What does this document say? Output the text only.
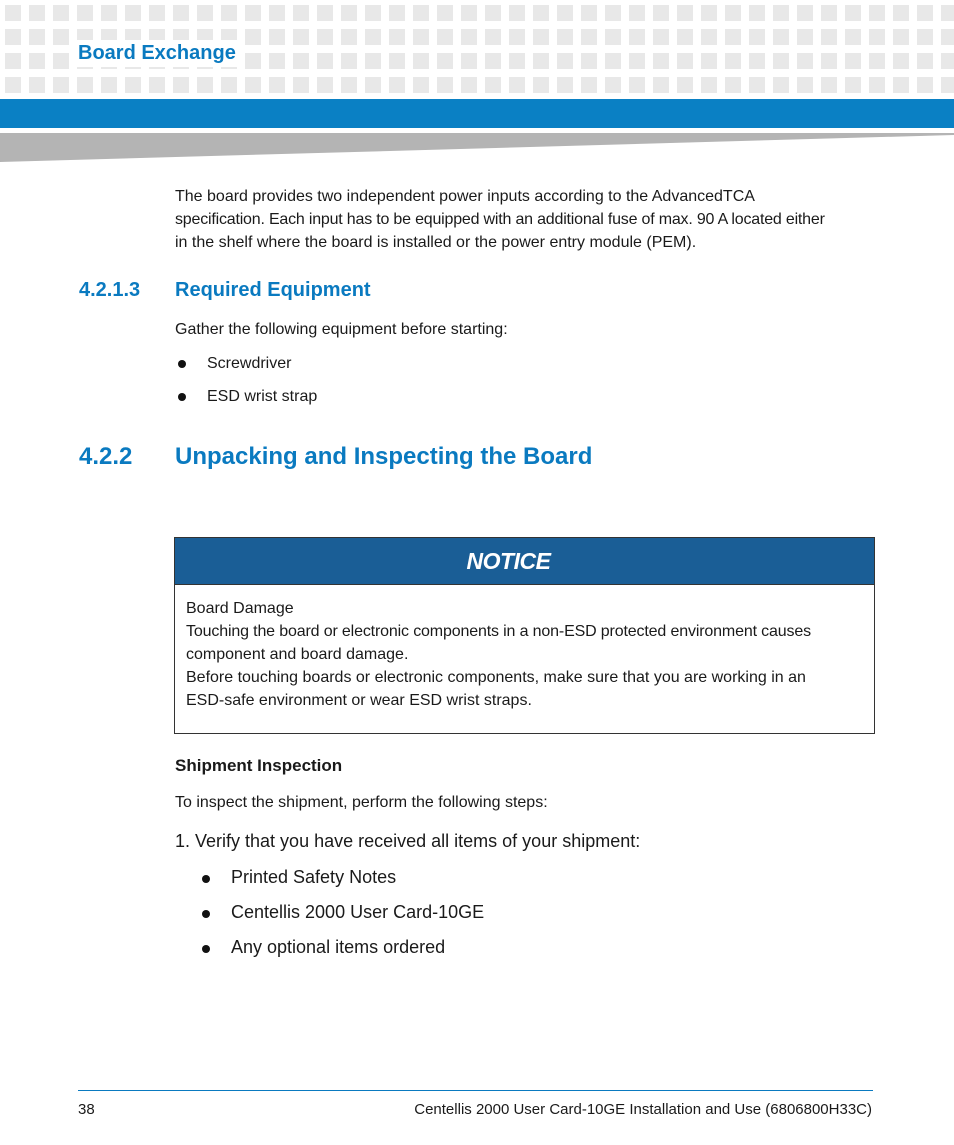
Board Exchange
The board provides two independent power inputs according to the AdvancedTCA
specification. Each input has to be equipped with an additional fuse of max. 90 A located either
in the shelf where the board is installed or the power entry module (PEM).
4.2.1.3 Required Equipment
Gather the following equipment before starting:
Screwdriver
ESD wrist strap
4.2.2 Unpacking and Inspecting the Board
NOTICE
Board Damage
Touching the board or electronic components in a non-ESD protected environment causes
component and board damage.
Before touching boards or electronic components, make sure that you are working in an
ESD-safe environment or wear ESD wrist straps.
Shipment Inspection
To inspect the shipment, perform the following steps:
1. Verify that you have received all items of your shipment:
Printed Safety Notes
Centellis 2000 User Card-10GE
Any optional items ordered
38	Centellis 2000 User Card-10GE Installation and Use (6806800H33C)
